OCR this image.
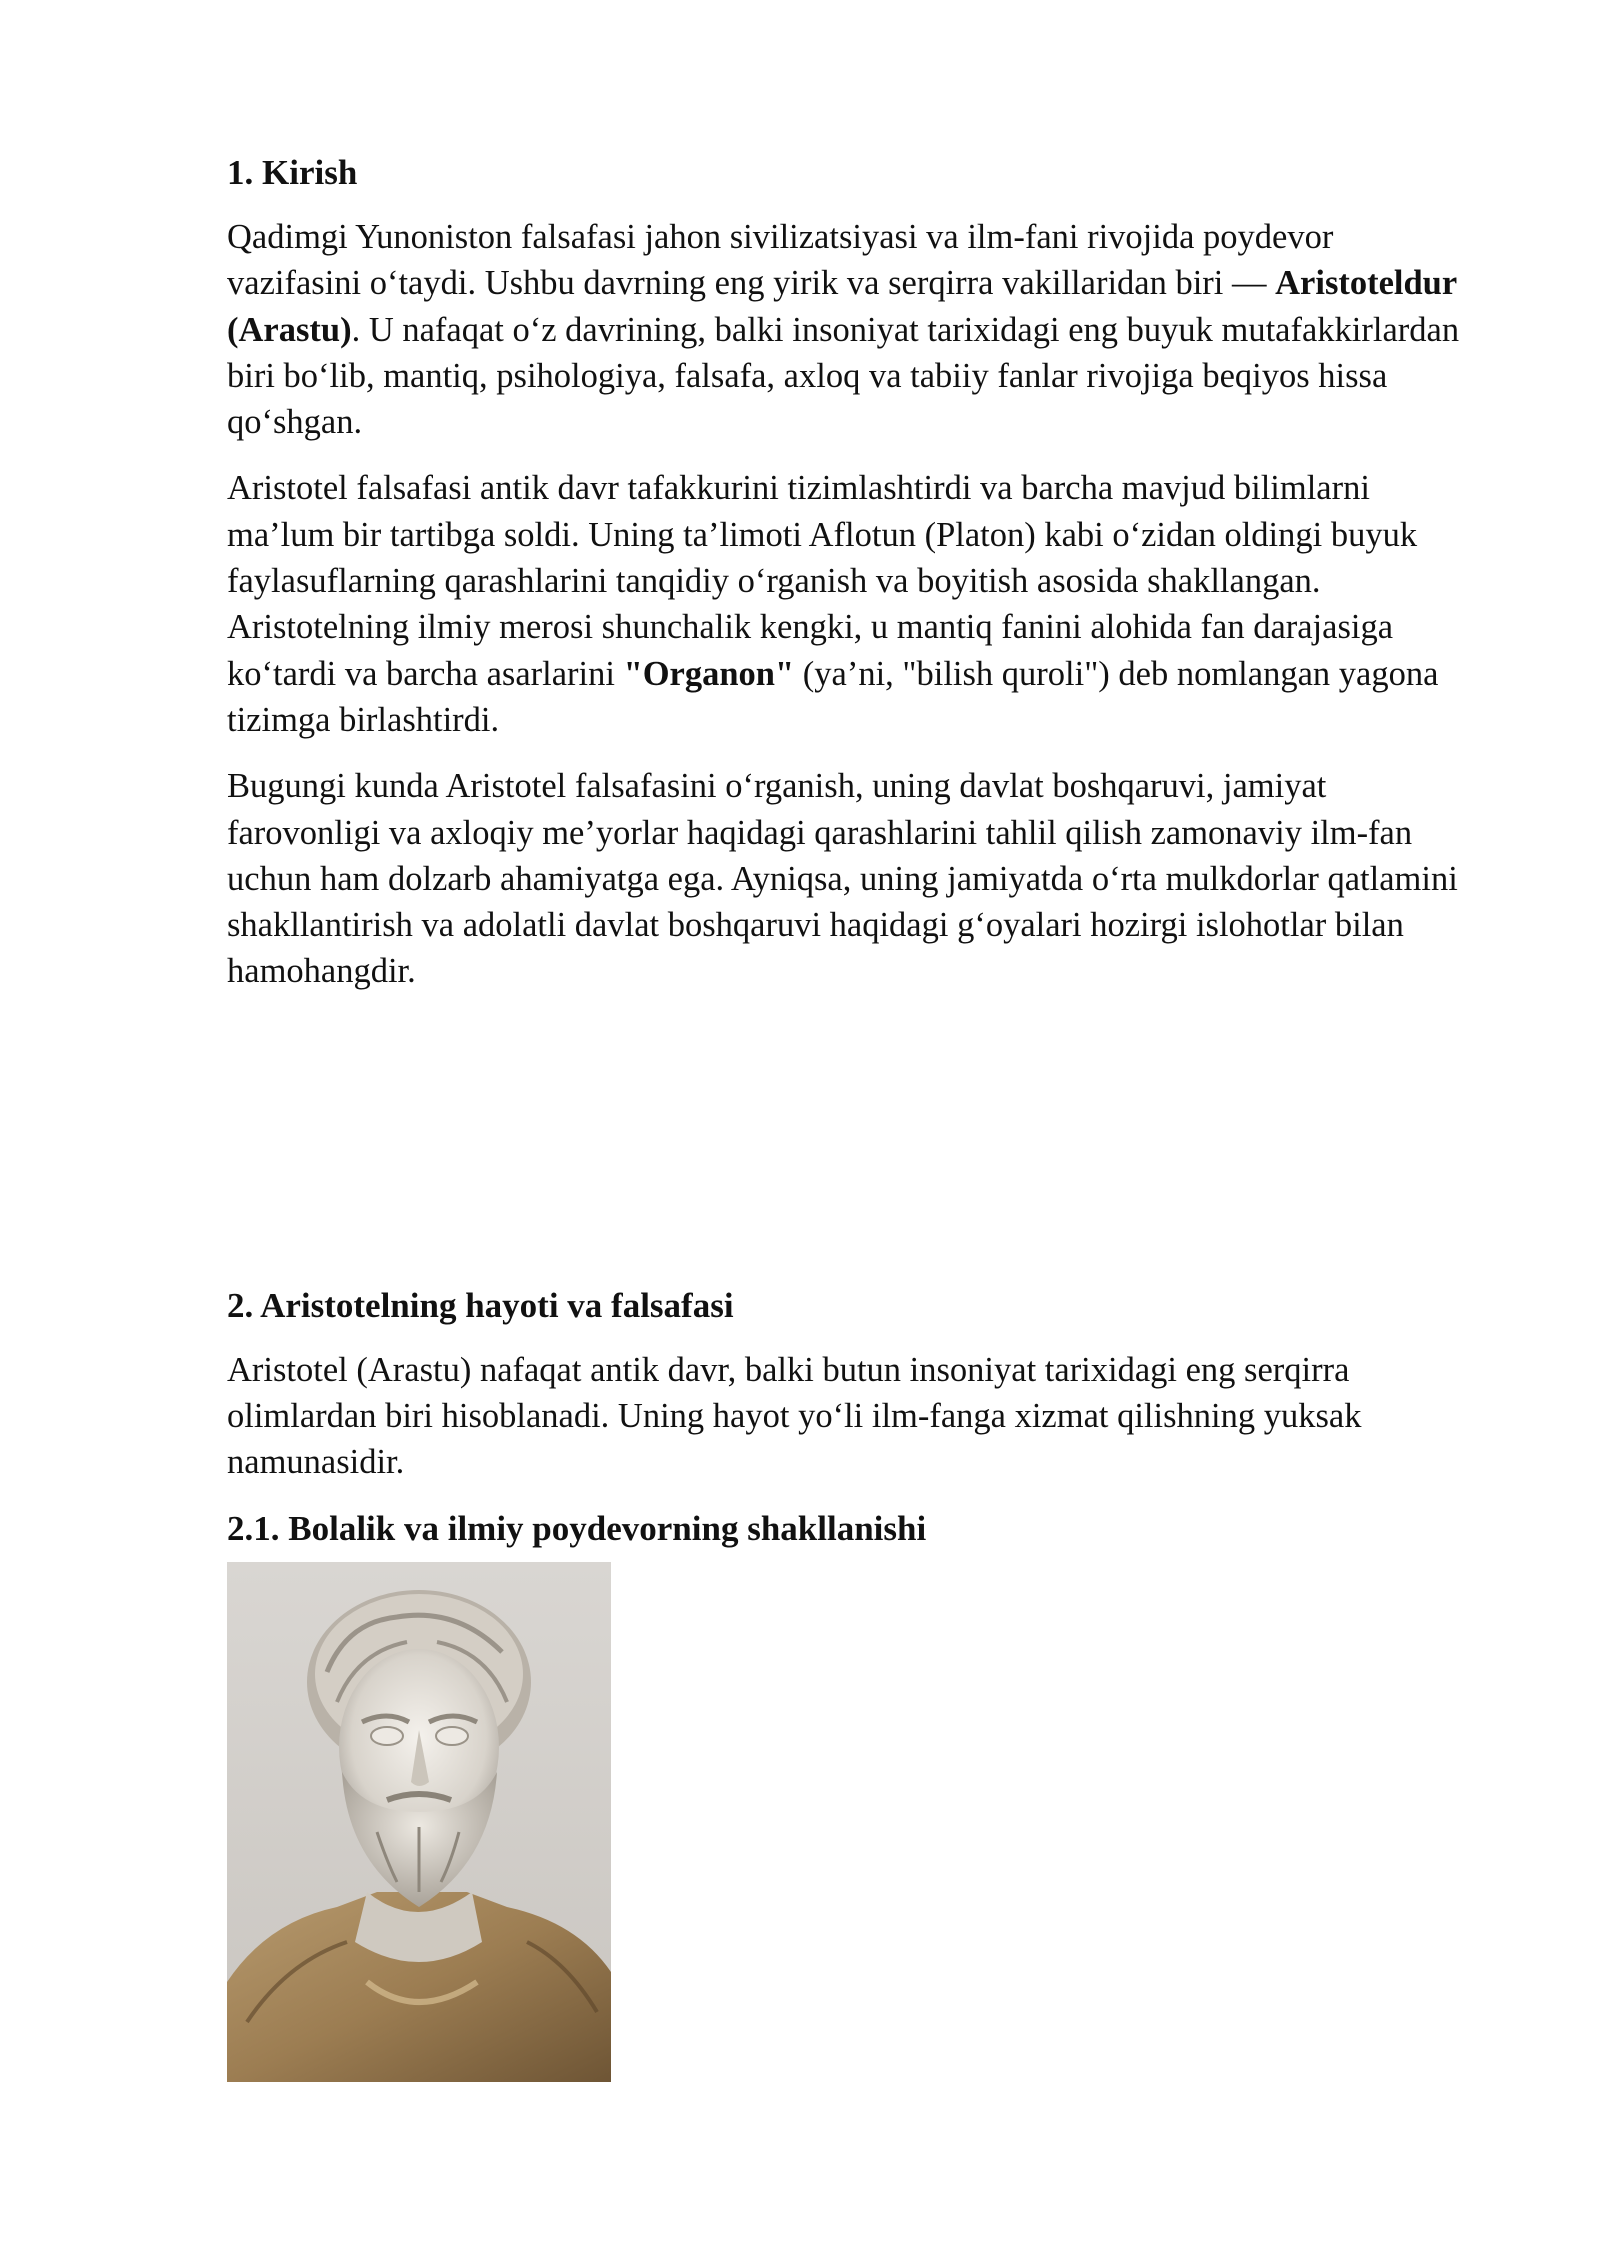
1. Kirish

Qadimgi Yunoniston falsafasi jahon sivilizatsiyasi va ilm-fani rivojida poydevor vazifasini o‘taydi. Ushbu davrning eng yirik va serqirra vakillaridan biri — Aristoteldur (Arastu). U nafaqat o‘z davrining, balki insoniyat tarixidagi eng buyuk mutafakkirlardan biri bo‘lib, mantiq, psihologiya, falsafa, axloq va tabiiy fanlar rivojiga beqiyos hissa qo‘shgan.

Aristotel falsafasi antik davr tafakkurini tizimlashtirdi va barcha mavjud bilimlarni ma’lum bir tartibga soldi. Uning ta’limoti Aflotun (Platon) kabi o‘zidan oldingi buyuk faylasuflarning qarashlarini tanqidiy o‘rganish va boyitish asosida shakllangan. Aristotelning ilmiy merosi shunchalik kengki, u mantiq fanini alohida fan darajasiga ko‘tardi va barcha asarlarini "Organon" (ya’ni, "bilish quroli") deb nomlangan yagona tizimga birlashtirdi.

Bugungi kunda Aristotel falsafasini o‘rganish, uning davlat boshqaruvi, jamiyat farovonligi va axloqiy me’yorlar haqidagi qarashlarini tahlil qilish zamonaviy ilm-fan uchun ham dolzarb ahamiyatga ega. Ayniqsa, uning jamiyatda o‘rta mulkdorlar qatlamini shakllantirish va adolatli davlat boshqaruvi haqidagi g‘oyalari hozirgi islohotlar bilan hamohangdir.

2. Aristotelning hayoti va falsafasi

Aristotel (Arastu) nafaqat antik davr, balki butun insoniyat tarixidagi eng serqirra olimlardan biri hisoblanadi. Uning hayot yo‘li ilm-fanga xizmat qilishning yuksak namunasidir.

2.1. Bolalik va ilmiy poydevorning shakllanishi
